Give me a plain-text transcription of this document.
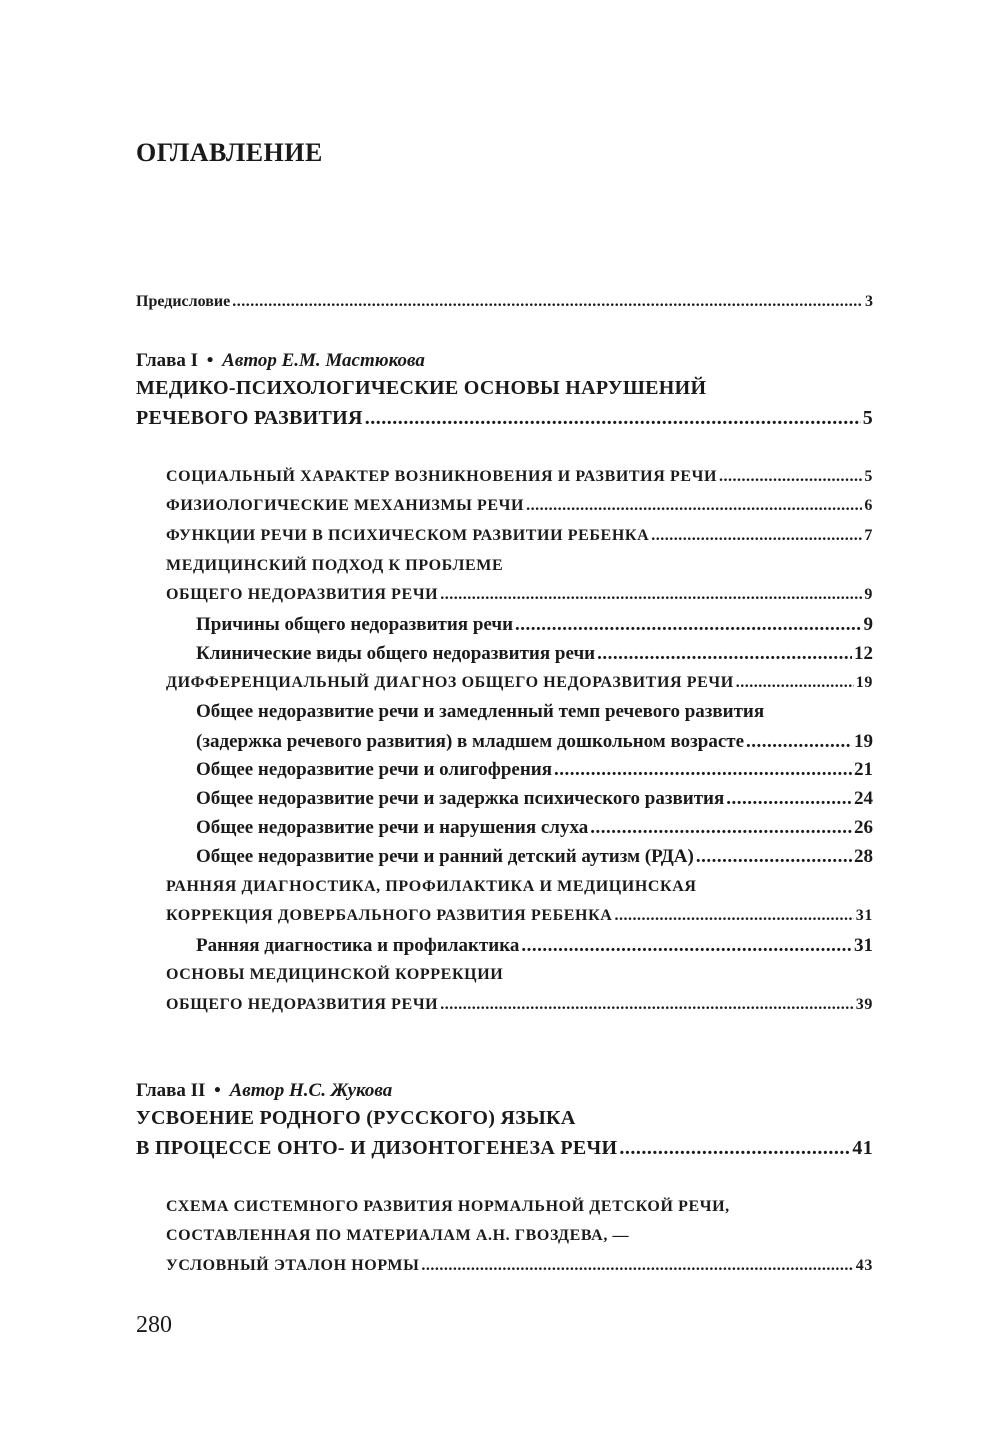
ОГЛАВЛЕНИЕ
Предисловие .....	3
Глава I • Автор Е.М. Мастюкова
МЕДИКО-ПСИХОЛОГИЧЕСКИЕ ОСНОВЫ НАРУШЕНИЙ
РЕЧЕВОГО РАЗВИТИЯ .....	5
СОЦИАЛЬНЫЙ ХАРАКТЕР ВОЗНИКНОВЕНИЯ И РАЗВИТИЯ РЕЧИ .....	5
ФИЗИОЛОГИЧЕСКИЕ МЕХАНИЗМЫ РЕЧИ .....	6
ФУНКЦИИ РЕЧИ В ПСИХИЧЕСКОМ РАЗВИТИИ РЕБЕНКА .....	7
МЕДИЦИНСКИЙ ПОДХОД К ПРОБЛЕМЕ
ОБЩЕГО НЕДОРАЗВИТИЯ РЕЧИ .....	9
Причины общего недоразвития речи .....	9
Клинические виды общего недоразвития речи .....	12
ДИФФЕРЕНЦИАЛЬНЫЙ ДИАГНОЗ ОБЩЕГО НЕДОРАЗВИТИЯ РЕЧИ .....	19
Общее недоразвитие речи и замедленный темп речевого развития
(задержка речевого развития) в младшем дошкольном возрасте .....	19
Общее недоразвитие речи и олигофрения .....	21
Общее недоразвитие речи и задержка психического развития .....	24
Общее недоразвитие речи и нарушения слуха .....	26
Общее недоразвитие речи и ранний детский аутизм (РДА) .....	28
РАННЯЯ ДИАГНОСТИКА, ПРОФИЛАКТИКА И МЕДИЦИНСКАЯ
КОРРЕКЦИЯ ДОВЕРБАЛЬНОГО РАЗВИТИЯ РЕБЕНКА .....	31
Ранняя диагностика и профилактика .....	31
ОСНОВЫ МЕДИЦИНСКОЙ КОРРЕКЦИИ
ОБЩЕГО НЕДОРАЗВИТИЯ РЕЧИ .....	39
Глава II • Автор Н.С. Жукова
УСВОЕНИЕ РОДНОГО (РУССКОГО) ЯЗЫКА
В ПРОЦЕССЕ ОНТО- И ДИЗОНТОГЕНЕЗА РЕЧИ .....	41
СХЕМА СИСТЕМНОГО РАЗВИТИЯ НОРМАЛЬНОЙ ДЕТСКОЙ РЕЧИ,
СОСТАВЛЕННАЯ ПО МАТЕРИАЛАМ А.Н. ГВОЗДЕВА, —
УСЛОВНЫЙ ЭТАЛОН НОРМЫ .....	43
280
